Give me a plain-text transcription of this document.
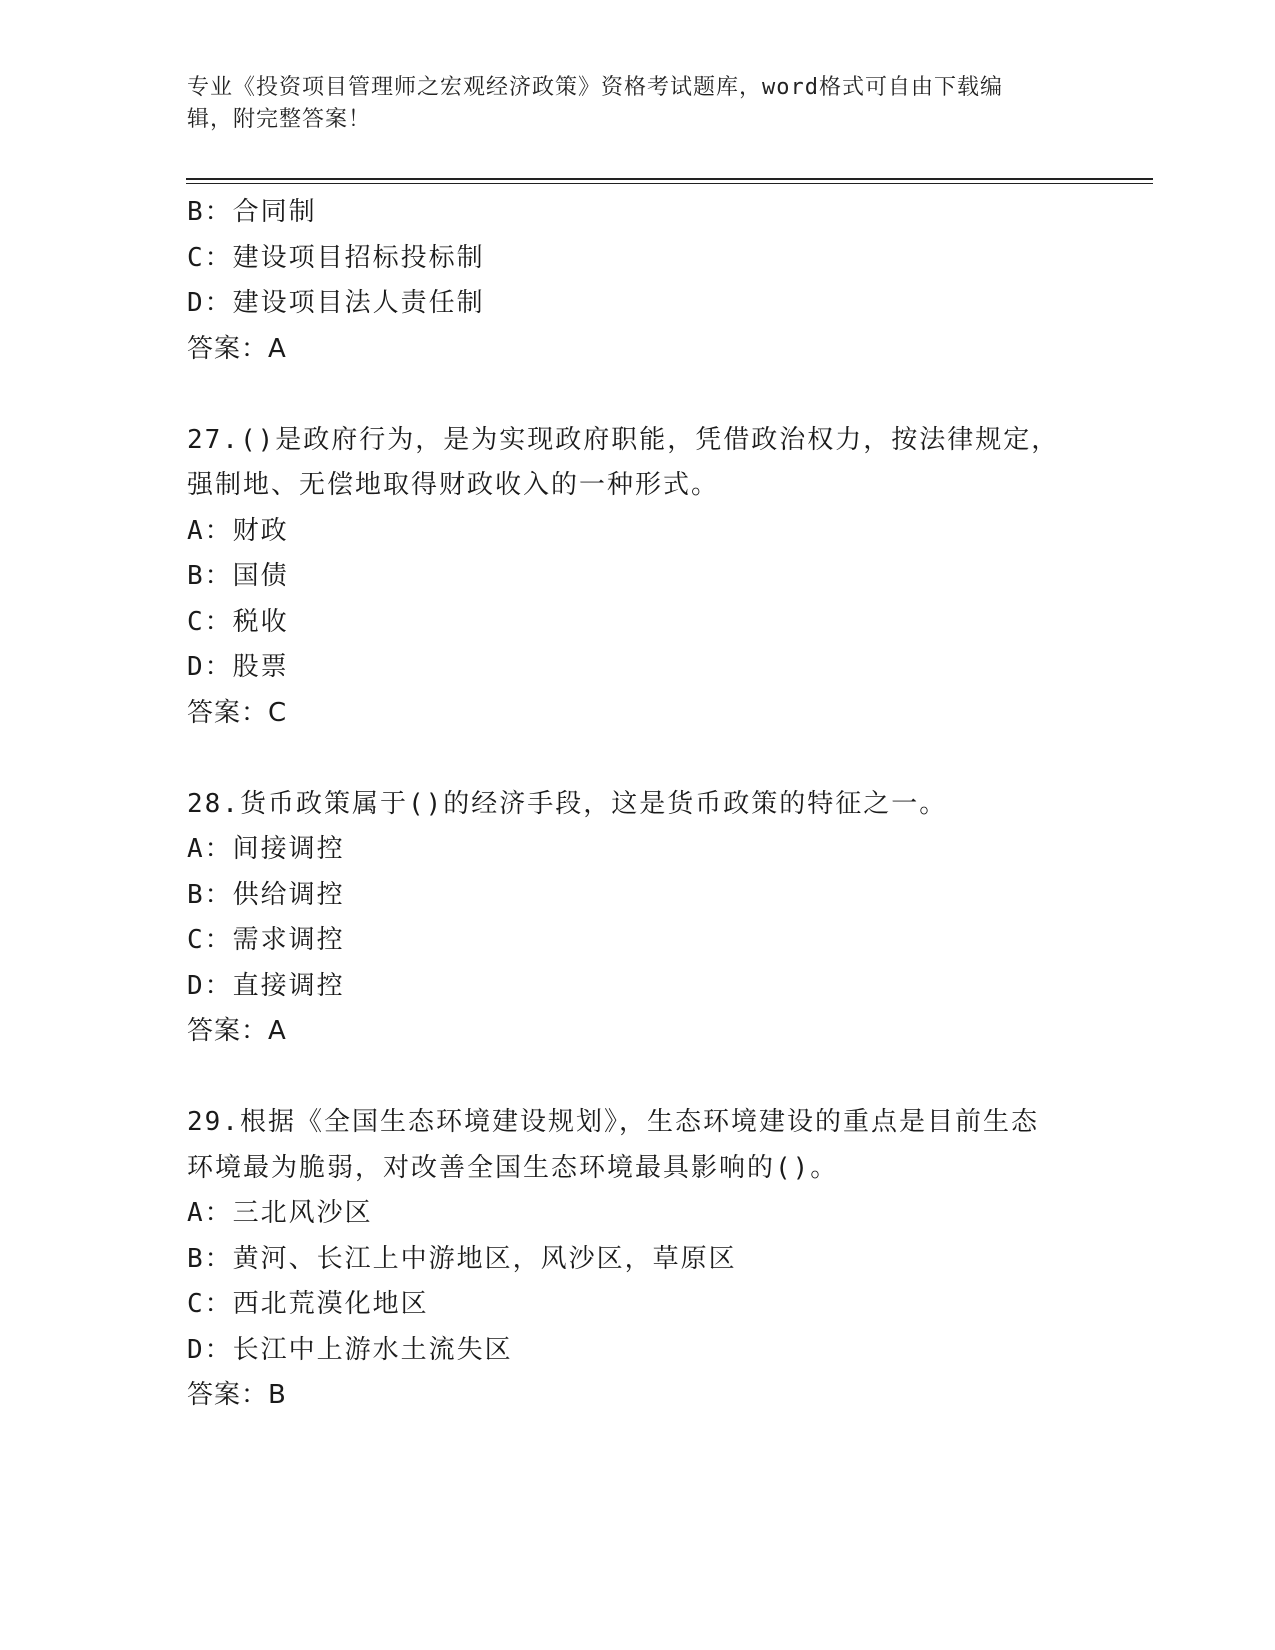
专业《投资项目管理师之宏观经济政策》资格考试题库，word格式可自由下载编
辑，附完整答案！
B：合同制
C：建设项目招标投标制
D：建设项目法人责任制
答案：A
27.()是政府行为，是为实现政府职能，凭借政治权力，按法律规定，
强制地、无偿地取得财政收入的一种形式。
A：财政
B：国债
C：税收
D：股票
答案：C
28.货币政策属于()的经济手段，这是货币政策的特征之一。
A：间接调控
B：供给调控
C：需求调控
D：直接调控
答案：A
29.根据《全国生态环境建设规划》，生态环境建设的重点是目前生态
环境最为脆弱，对改善全国生态环境最具影响的()。
A：三北风沙区
B：黄河、长江上中游地区，风沙区，草原区
C：西北荒漠化地区
D：长江中上游水土流失区
答案：B
